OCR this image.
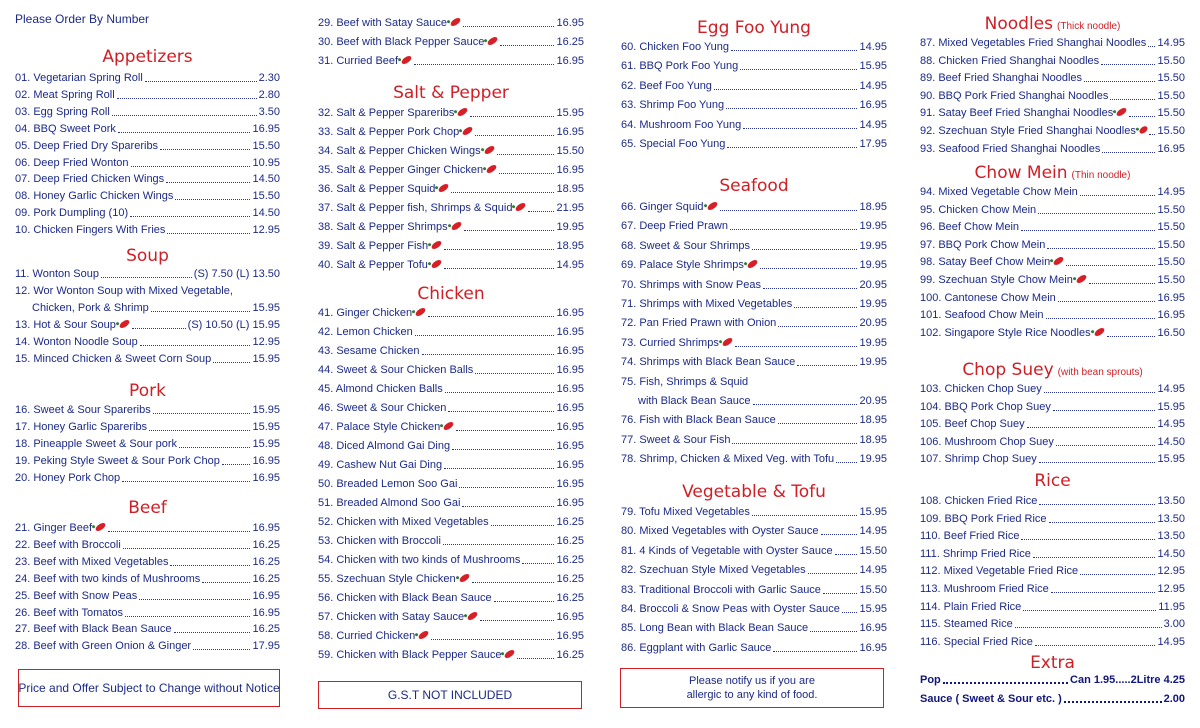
Please Order By Number
Appetizers
01. Vegetarian Spring Roll	2.30
02. Meat Spring Roll	2.80
03. Egg Spring Roll	3.50
04. BBQ Sweet Pork	16.95
05. Deep Fried Dry Spareribs	15.50
06. Deep Fried Wonton	10.95
07. Deep Fried Chicken Wings	14.50
08. Honey Garlic Chicken Wings	15.50
09. Pork Dumpling (10)	14.50
10. Chicken Fingers With Fries	12.95
Soup
11. Wonton Soup	(S) 7.50 (L) 13.50
12. Wor Wonton Soup with Mixed Vegetable,
Chicken, Pork & Shrimp	15.95
13. Hot & Sour Soup	(S) 10.50 (L) 15.95
14. Wonton Noodle Soup	12.95
15. Minced Chicken & Sweet Corn Soup	15.95
Pork
16. Sweet & Sour Spareribs	15.95
17. Honey Garlic Spareribs	15.95
18. Pineapple Sweet & Sour pork	15.95
19. Peking Style Sweet & Sour Pork Chop	16.95
20. Honey Pork Chop	16.95
Beef
21. Ginger Beef	16.95
22. Beef with Broccoli	16.25
23. Beef with Mixed Vegetables	16.25
24. Beef with two kinds of Mushrooms	16.25
25. Beef with Snow Peas	16.95
26. Beef with Tomatos	16.95
27. Beef with Black Bean Sauce	16.25
28. Beef with Green Onion & Ginger	17.95
Price and Offer Subject to Change without Notice
29. Beef with Satay Sauce	16.95
30. Beef with Black Pepper Sauce	16.25
31. Curried Beef	16.95
Salt & Pepper
32. Salt & Pepper Spareribs	15.95
33. Salt & Pepper Pork Chop	16.95
34. Salt & Pepper Chicken Wings	15.50
35. Salt & Pepper Ginger Chicken	16.95
36. Salt & Pepper Squid	18.95
37. Salt & Pepper fish, Shrimps & Squid	21.95
38. Salt & Pepper Shrimps	19.95
39. Salt & Pepper Fish	18.95
40. Salt & Pepper Tofu	14.95
Chicken
41. Ginger Chicken	16.95
42. Lemon Chicken	16.95
43. Sesame Chicken	16.95
44. Sweet & Sour Chicken Balls	16.95
45. Almond Chicken Balls	16.95
46. Sweet & Sour Chicken	16.95
47. Palace Style Chicken	16.95
48. Diced Almond Gai Ding	16.95
49. Cashew Nut Gai Ding	16.95
50. Breaded Lemon Soo Gai	16.95
51. Breaded Almond Soo Gai	16.95
52. Chicken with Mixed Vegetables	16.25
53. Chicken with Broccoli	16.25
54. Chicken with two kinds of Mushrooms	16.25
55. Szechuan Style Chicken	16.25
56. Chicken with Black Bean Sauce	16.25
57. Chicken with Satay Sauce	16.95
58. Curried Chicken	16.95
59. Chicken with Black Pepper Sauce	16.25
G.S.T NOT INCLUDED
Egg Foo Yung
60. Chicken Foo Yung	14.95
61. BBQ Pork Foo Yung	15.95
62. Beef Foo Yung	14.95
63. Shrimp Foo Yung	16.95
64. Mushroom Foo Yung	14.95
65. Special Foo Yung	17.95
Seafood
66. Ginger Squid	18.95
67. Deep Fried Prawn	19.95
68. Sweet & Sour Shrimps	19.95
69. Palace Style Shrimps	19.95
70. Shrimps with Snow Peas	20.95
71. Shrimps with Mixed Vegetables	19.95
72. Pan Fried Prawn with Onion	20.95
73. Curried Shrimps	19.95
74. Shrimps with Black Bean Sauce	19.95
75. Fish, Shrimps & Squid
with Black Bean Sauce	20.95
76. Fish with Black Bean Sauce	18.95
77. Sweet & Sour Fish	18.95
78. Shrimp, Chicken & Mixed Veg. with Tofu 19.95
Vegetable & Tofu
79. Tofu Mixed Vegetables	15.95
80. Mixed Vegetables with Oyster Sauce	14.95
81. 4 Kinds of Vegetable with Oyster Sauce 15.50
82. Szechuan Style Mixed Vegetables	14.95
83. Traditional Broccoli with Garlic Sauce	15.50
84. Broccoli & Snow Peas with Oyster Sauce 15.95
85. Long Bean with Black Bean Sauce	16.95
86. Eggplant with Garlic Sauce	16.95
Please notify us if you are
allergic to any kind of food.
Noodles (Thick noodle)
87. Mixed Vegetables Fried Shanghai Noodles 14.95
88. Chicken Fried Shanghai Noodles	15.50
89. Beef Fried Shanghai Noodles	15.50
90. BBQ Pork Fried Shanghai Noodles	15.50
91. Satay Beef Fried Shanghai Noodles	15.50
92. Szechuan Style Fried Shanghai Noodles 15.50
93. Seafood Fried Shanghai Noodles	16.95
Chow Mein (Thin noodle)
94. Mixed Vegetable Chow Mein	14.95
95. Chicken Chow Mein	15.50
96. Beef Chow Mein	15.50
97. BBQ Pork Chow Mein	15.50
98. Satay Beef Chow Mein	15.50
99. Szechuan Style Chow Mein	15.50
100. Cantonese Chow Mein	16.95
101. Seafood Chow Mein	16.95
102. Singapore Style Rice Noodles	16.50
Chop Suey (with bean sprouts)
103. Chicken Chop Suey	14.95
104. BBQ Pork Chop Suey	15.95
105. Beef Chop Suey	14.95
106. Mushroom Chop Suey	14.50
107. Shrimp Chop Suey	15.95
Rice
108. Chicken Fried Rice	13.50
109. BBQ Pork Fried Rice	13.50
110. Beef Fried Rice	13.50
111. Shrimp Fried Rice	14.50
112. Mixed Vegetable Fried Rice	12.95
113. Mushroom Fried Rice	12.95
114. Plain Fried Rice	11.95
115. Steamed Rice	3.00
116. Special Fried Rice	14.95
Extra
Pop	Can 1.95.....2Litre 4.25
Sauce ( Sweet & Sour etc. )	2.00
